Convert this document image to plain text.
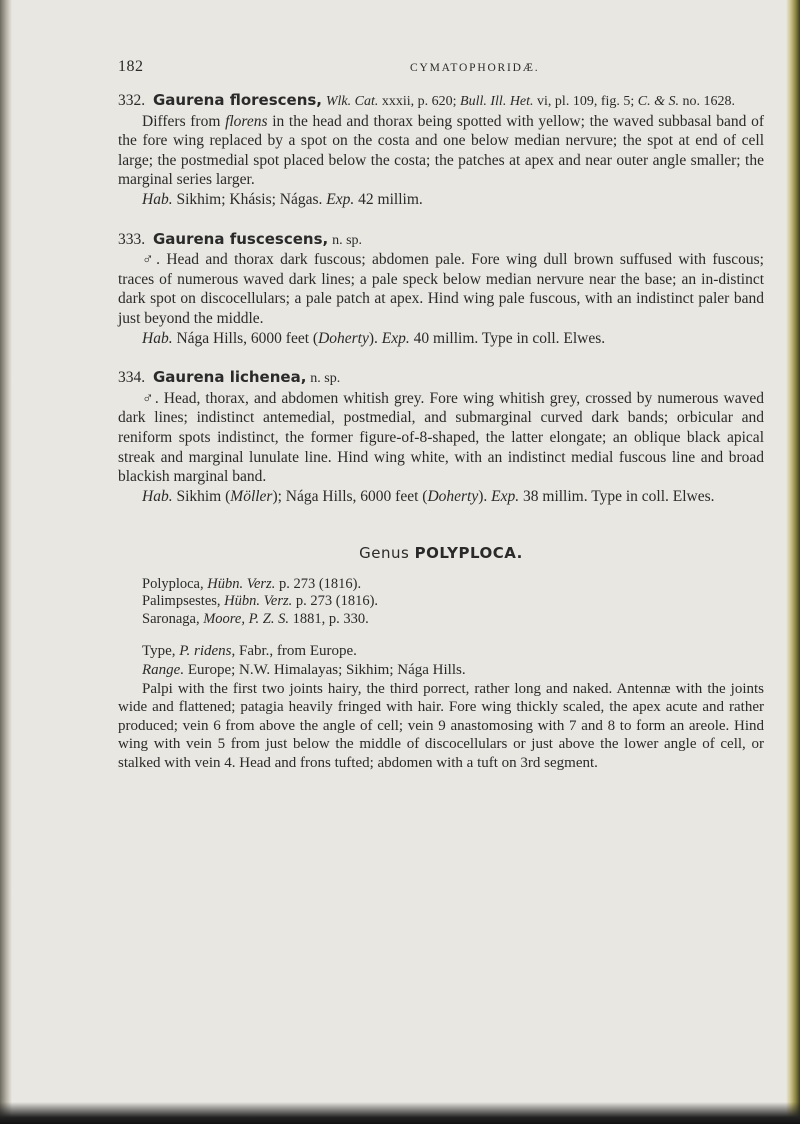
182	CYMATOPHORIDÆ.

332. Gaurena florescens, Wlk. Cat. xxxii, p. 620; Bull. Ill. Het. vi, pl. 109, fig. 5; C. & S. no. 1628.

Differs from florens in the head and thorax being spotted with yellow; the waved subbasal band of the fore wing replaced by a spot on the costa and one below median nervure; the spot at end of cell large; the postmedial spot placed below the costa; the patches at apex and near outer angle smaller; the marginal series larger.

Hab. Sikhim; Khásis; Nágas. Exp. 42 millim.

333. Gaurena fuscescens, n. sp.

♂. Head and thorax dark fuscous; abdomen pale. Fore wing dull brown suffused with fuscous; traces of numerous waved dark lines; a pale speck below median nervure near the base; an in-distinct dark spot on discocellulars; a pale patch at apex. Hind wing pale fuscous, with an indistinct paler band just beyond the middle.

Hab. Nága Hills, 6000 feet (Doherty). Exp. 40 millim. Type in coll. Elwes.

334. Gaurena lichenea, n. sp.

♂. Head, thorax, and abdomen whitish grey. Fore wing whitish grey, crossed by numerous waved dark lines; indistinct antemedial, postmedial, and submarginal curved dark bands; orbicular and reniform spots indistinct, the former figure-of-8-shaped, the latter elongate; an oblique black apical streak and marginal lunulate line. Hind wing white, with an indistinct medial fuscous line and broad blackish marginal band.

Hab. Sikhim (Möller); Nága Hills, 6000 feet (Doherty). Exp. 38 millim. Type in coll. Elwes.

Genus POLYPLOCA.

Polyploca, Hübn. Verz. p. 273 (1816).

Palimpsestes, Hübn. Verz. p. 273 (1816).

Saronaga, Moore, P. Z. S. 1881, p. 330.

Type, P. ridens, Fabr., from Europe.

Range. Europe; N.W. Himalayas; Sikhim; Nága Hills.

Palpi with the first two joints hairy, the third porrect, rather long and naked. Antennæ with the joints wide and flattened; patagia heavily fringed with hair. Fore wing thickly scaled, the apex acute and rather produced; vein 6 from above the angle of cell; vein 9 anastomosing with 7 and 8 to form an areole. Hind wing with vein 5 from just below the middle of discocellulars or just above the lower angle of cell, or stalked with vein 4. Head and frons tufted; abdomen with a tuft on 3rd segment.
